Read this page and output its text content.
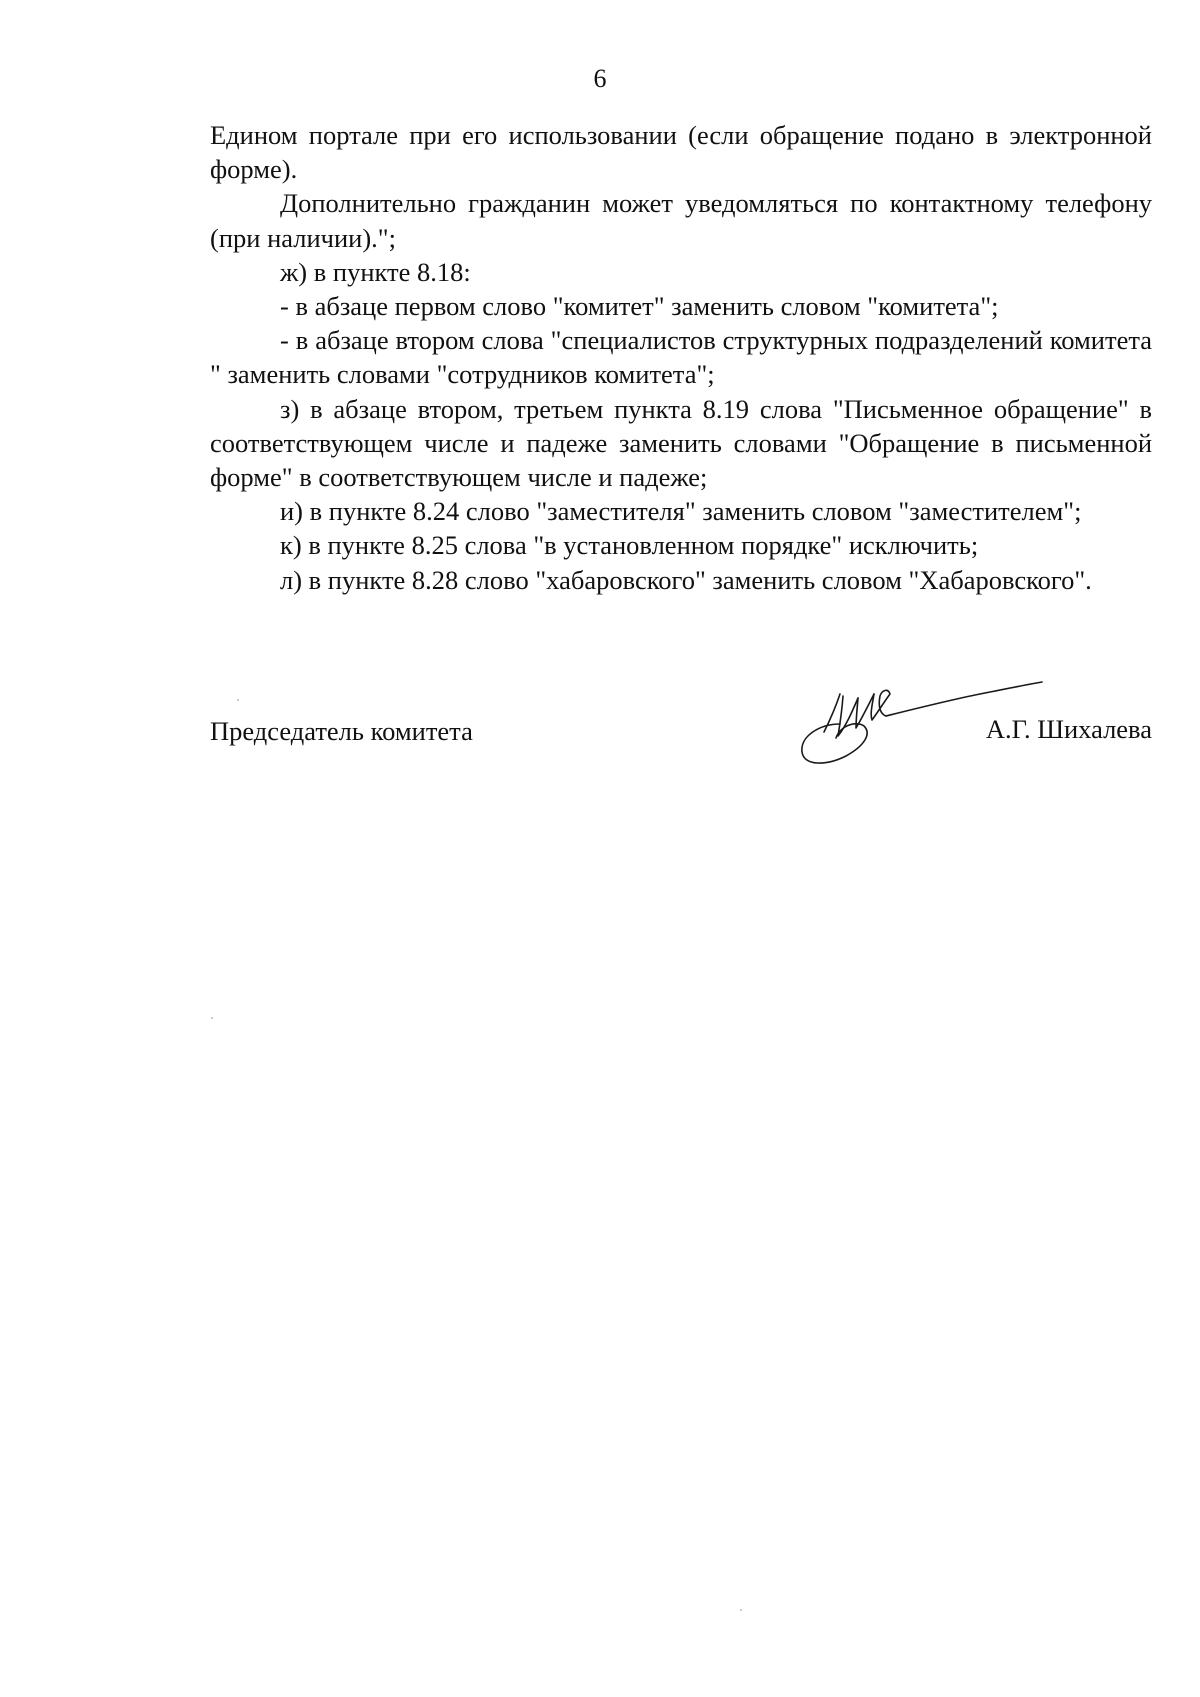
6

Едином портале при его использовании (если обращение подано в электронной форме).

Дополнительно гражданин может уведомляться по контактному телефону (при наличии).";

ж) в пункте 8.18:

- в абзаце первом слово "комитет" заменить словом "комитета";

- в абзаце втором слова "специалистов структурных подразделений комитета " заменить словами "сотрудников комитета";

з) в абзаце втором, третьем пункта 8.19 слова "Письменное обращение" в соответствующем числе и падеже заменить словами "Обращение в письменной форме" в соответствующем числе и падеже;

и) в пункте 8.24 слово "заместителя" заменить словом "заместителем";

к) в пункте 8.25 слова "в установленном порядке" исключить;

л) в пункте 8.28 слово "хабаровского" заменить словом "Хабаровского".

Председатель комитета	А.Г. Шихалева
